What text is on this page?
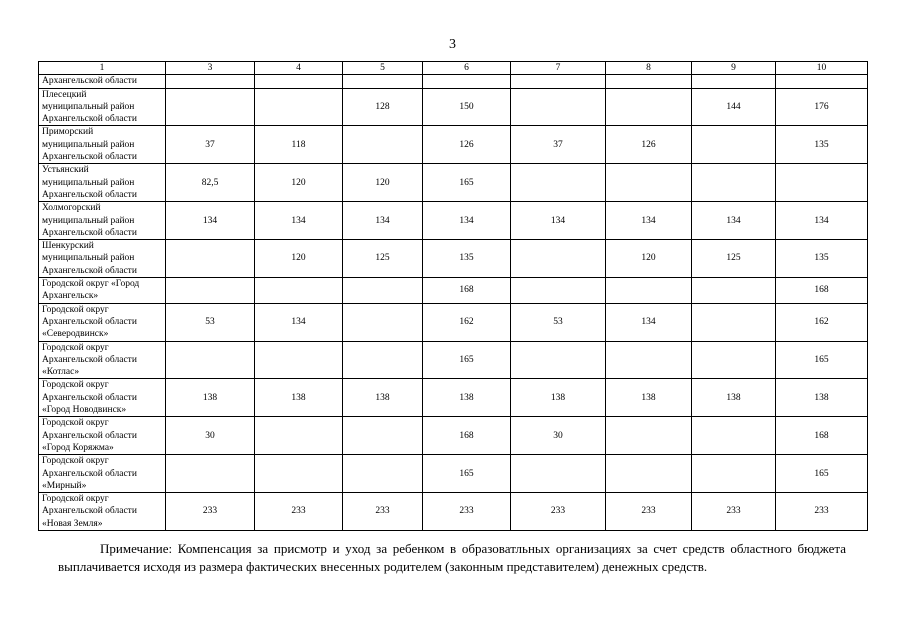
3
1	3	4	5	6	7	8	9	10

Архангельской области								

Плесецкий
муниципальный район
Архангельской области			128	150			144	176

Приморский
муниципальный район
Архангельской области	37	118		126	37	126		135

Устьянский
муниципальный район
Архангельской области	82,5	120	120	165				

Холмогорский
муниципальный район
Архангельской области	134	134	134	134	134	134	134	134

Шенкурский
муниципальный район
Архангельской области		120	125	135		120	125	135

Городской округ «Город
Архангельск»				168				168

Городской округ
Архангельской области
«Северодвинск»	53	134		162	53	134		162

Городской округ
Архангельской области
«Котлас»				165				165

Городской округ
Архангельской области
«Город Новодвинск»	138	138	138	138	138	138	138	138

Городской округ
Архангельской области
«Город Коряжма»	30			168	30			168

Городской округ
Архангельской области
«Мирный»				165				165

Городской округ
Архангельской области
«Новая Земля»	233	233	233	233	233	233	233	233
Примечание: Компенсация за присмотр и уход за ребенком в образоватльных организациях за счет средств областного бюджета выплачивается исходя из размера фактических внесенных родителем (законным представителем) денежных средств.
